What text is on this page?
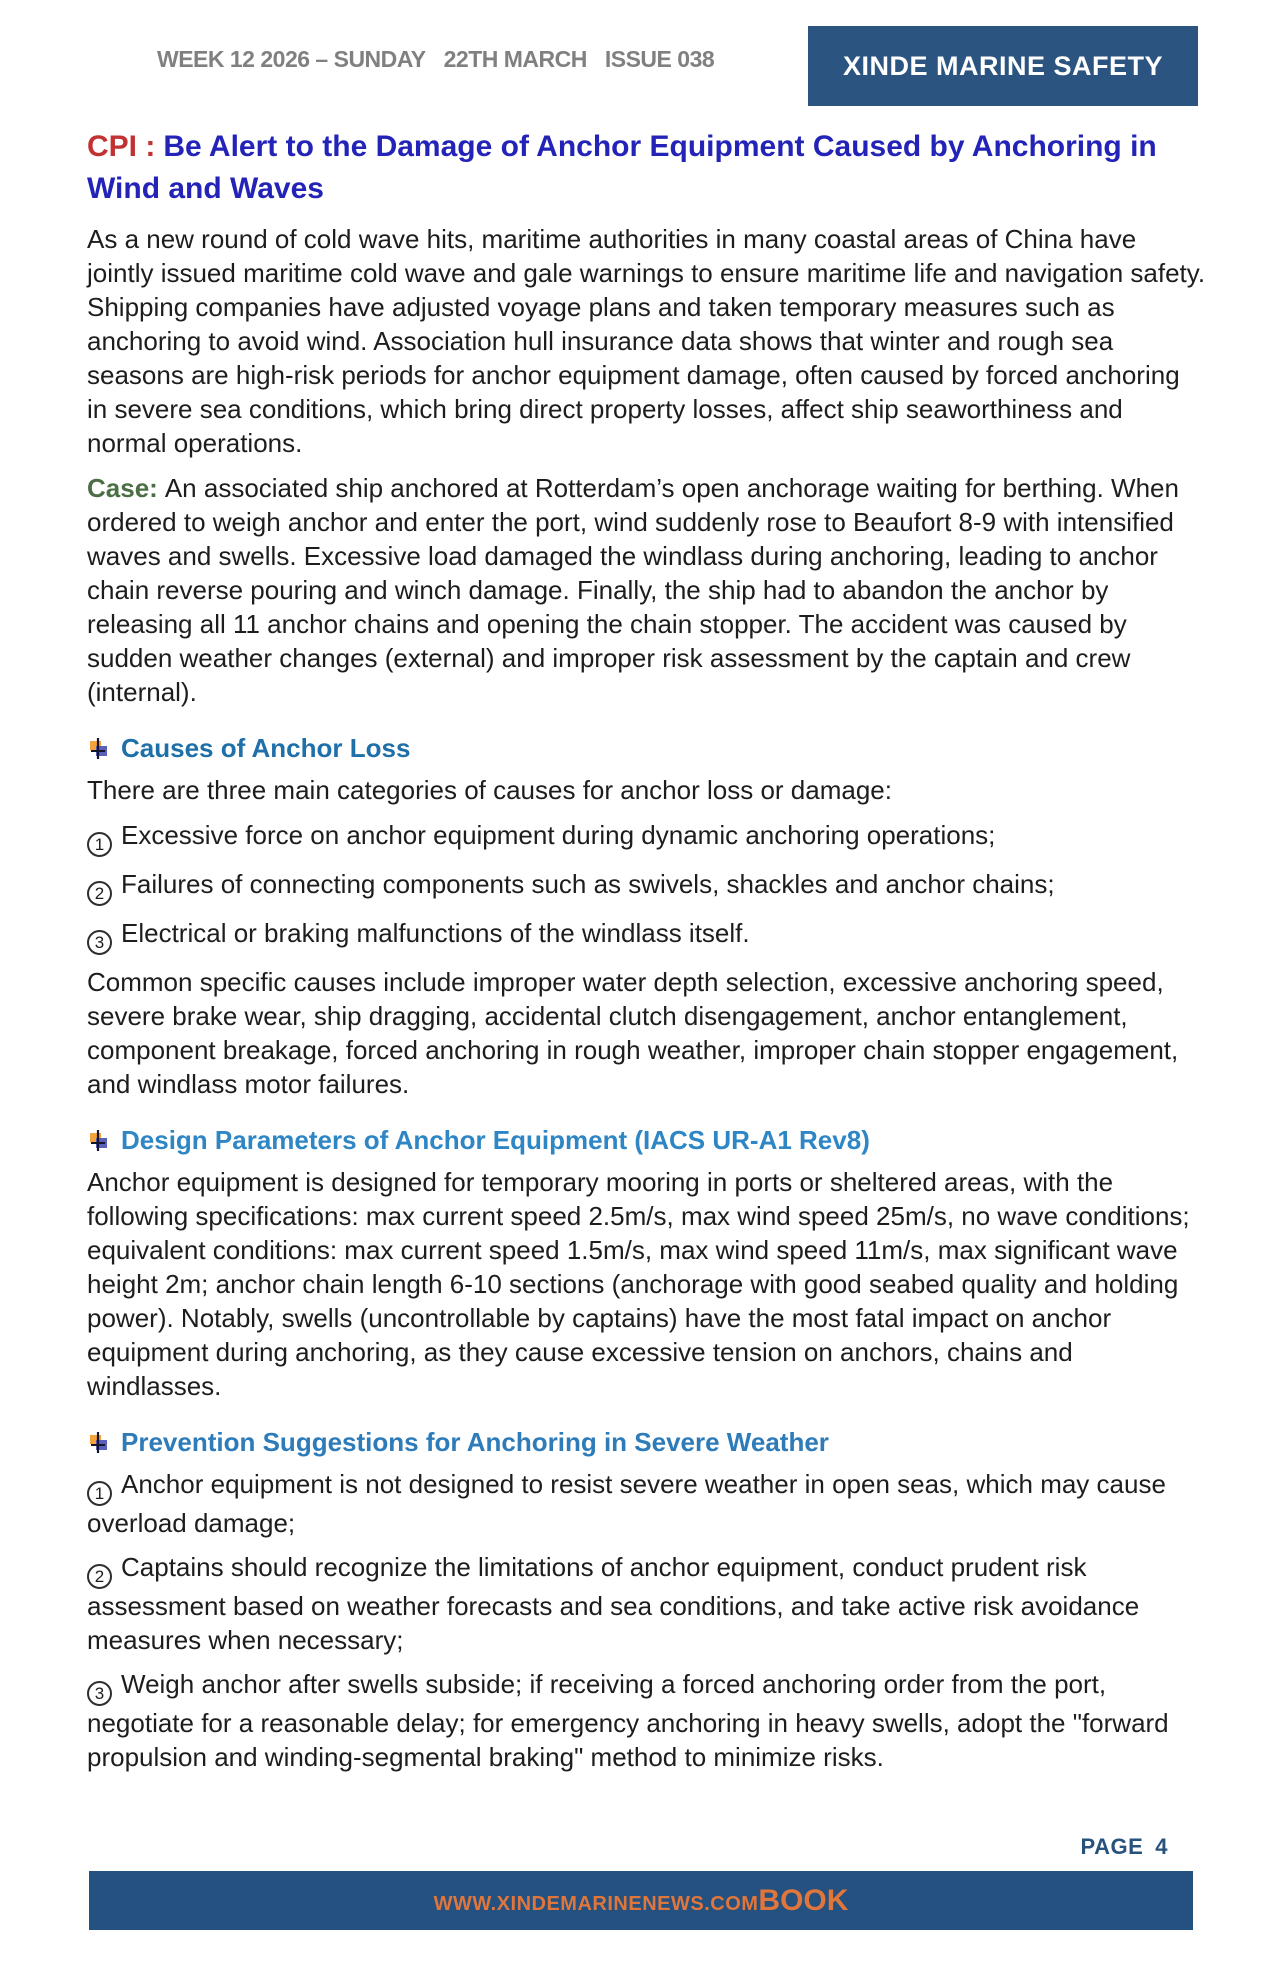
WEEK 12 2026 – SUNDAY 22TH MARCH ISSUE 038	XINDE MARINE SAFETY
CPI : Be Alert to the Damage of Anchor Equipment Caused by Anchoring in Wind and Waves

As a new round of cold wave hits, maritime authorities in many coastal areas of China have jointly issued maritime cold wave and gale warnings to ensure maritime life and navigation safety. Shipping companies have adjusted voyage plans and taken temporary measures such as anchoring to avoid wind. Association hull insurance data shows that winter and rough sea seasons are high-risk periods for anchor equipment damage, often caused by forced anchoring in severe sea conditions, which bring direct property losses, affect ship seaworthiness and normal operations.

Case: An associated ship anchored at Rotterdam’s open anchorage waiting for berthing. When ordered to weigh anchor and enter the port, wind suddenly rose to Beaufort 8-9 with intensified waves and swells. Excessive load damaged the windlass during anchoring, leading to anchor chain reverse pouring and winch damage. Finally, the ship had to abandon the anchor by releasing all 11 anchor chains and opening the chain stopper. The accident was caused by sudden weather changes (external) and improper risk assessment by the captain and crew (internal).

Causes of Anchor Loss

There are three main categories of causes for anchor loss or damage:

1 Excessive force on anchor equipment during dynamic anchoring operations;
2 Failures of connecting components such as swivels, shackles and anchor chains;
3 Electrical or braking malfunctions of the windlass itself.

Common specific causes include improper water depth selection, excessive anchoring speed, severe brake wear, ship dragging, accidental clutch disengagement, anchor entanglement, component breakage, forced anchoring in rough weather, improper chain stopper engagement, and windlass motor failures.

Design Parameters of Anchor Equipment (IACS UR-A1 Rev8)

Anchor equipment is designed for temporary mooring in ports or sheltered areas, with the following specifications: max current speed 2.5m/s, max wind speed 25m/s, no wave conditions; equivalent conditions: max current speed 1.5m/s, max wind speed 11m/s, max significant wave height 2m; anchor chain length 6-10 sections (anchorage with good seabed quality and holding power). Notably, swells (uncontrollable by captains) have the most fatal impact on anchor equipment during anchoring, as they cause excessive tension on anchors, chains and windlasses.

Prevention Suggestions for Anchoring in Severe Weather
1 Anchor equipment is not designed to resist severe weather in open seas, which may cause overload damage;
2 Captains should recognize the limitations of anchor equipment, conduct prudent risk assessment based on weather forecasts and sea conditions, and take active risk avoidance measures when necessary;
3 Weigh anchor after swells subside; if receiving a forced anchoring order from the port, negotiate for a reasonable delay; for emergency anchoring in heavy swells, adopt the "forward propulsion and winding-segmental braking" method to minimize risks.
PAGE 4
WWW.XINDEMARINENEWS.COM BOOK
